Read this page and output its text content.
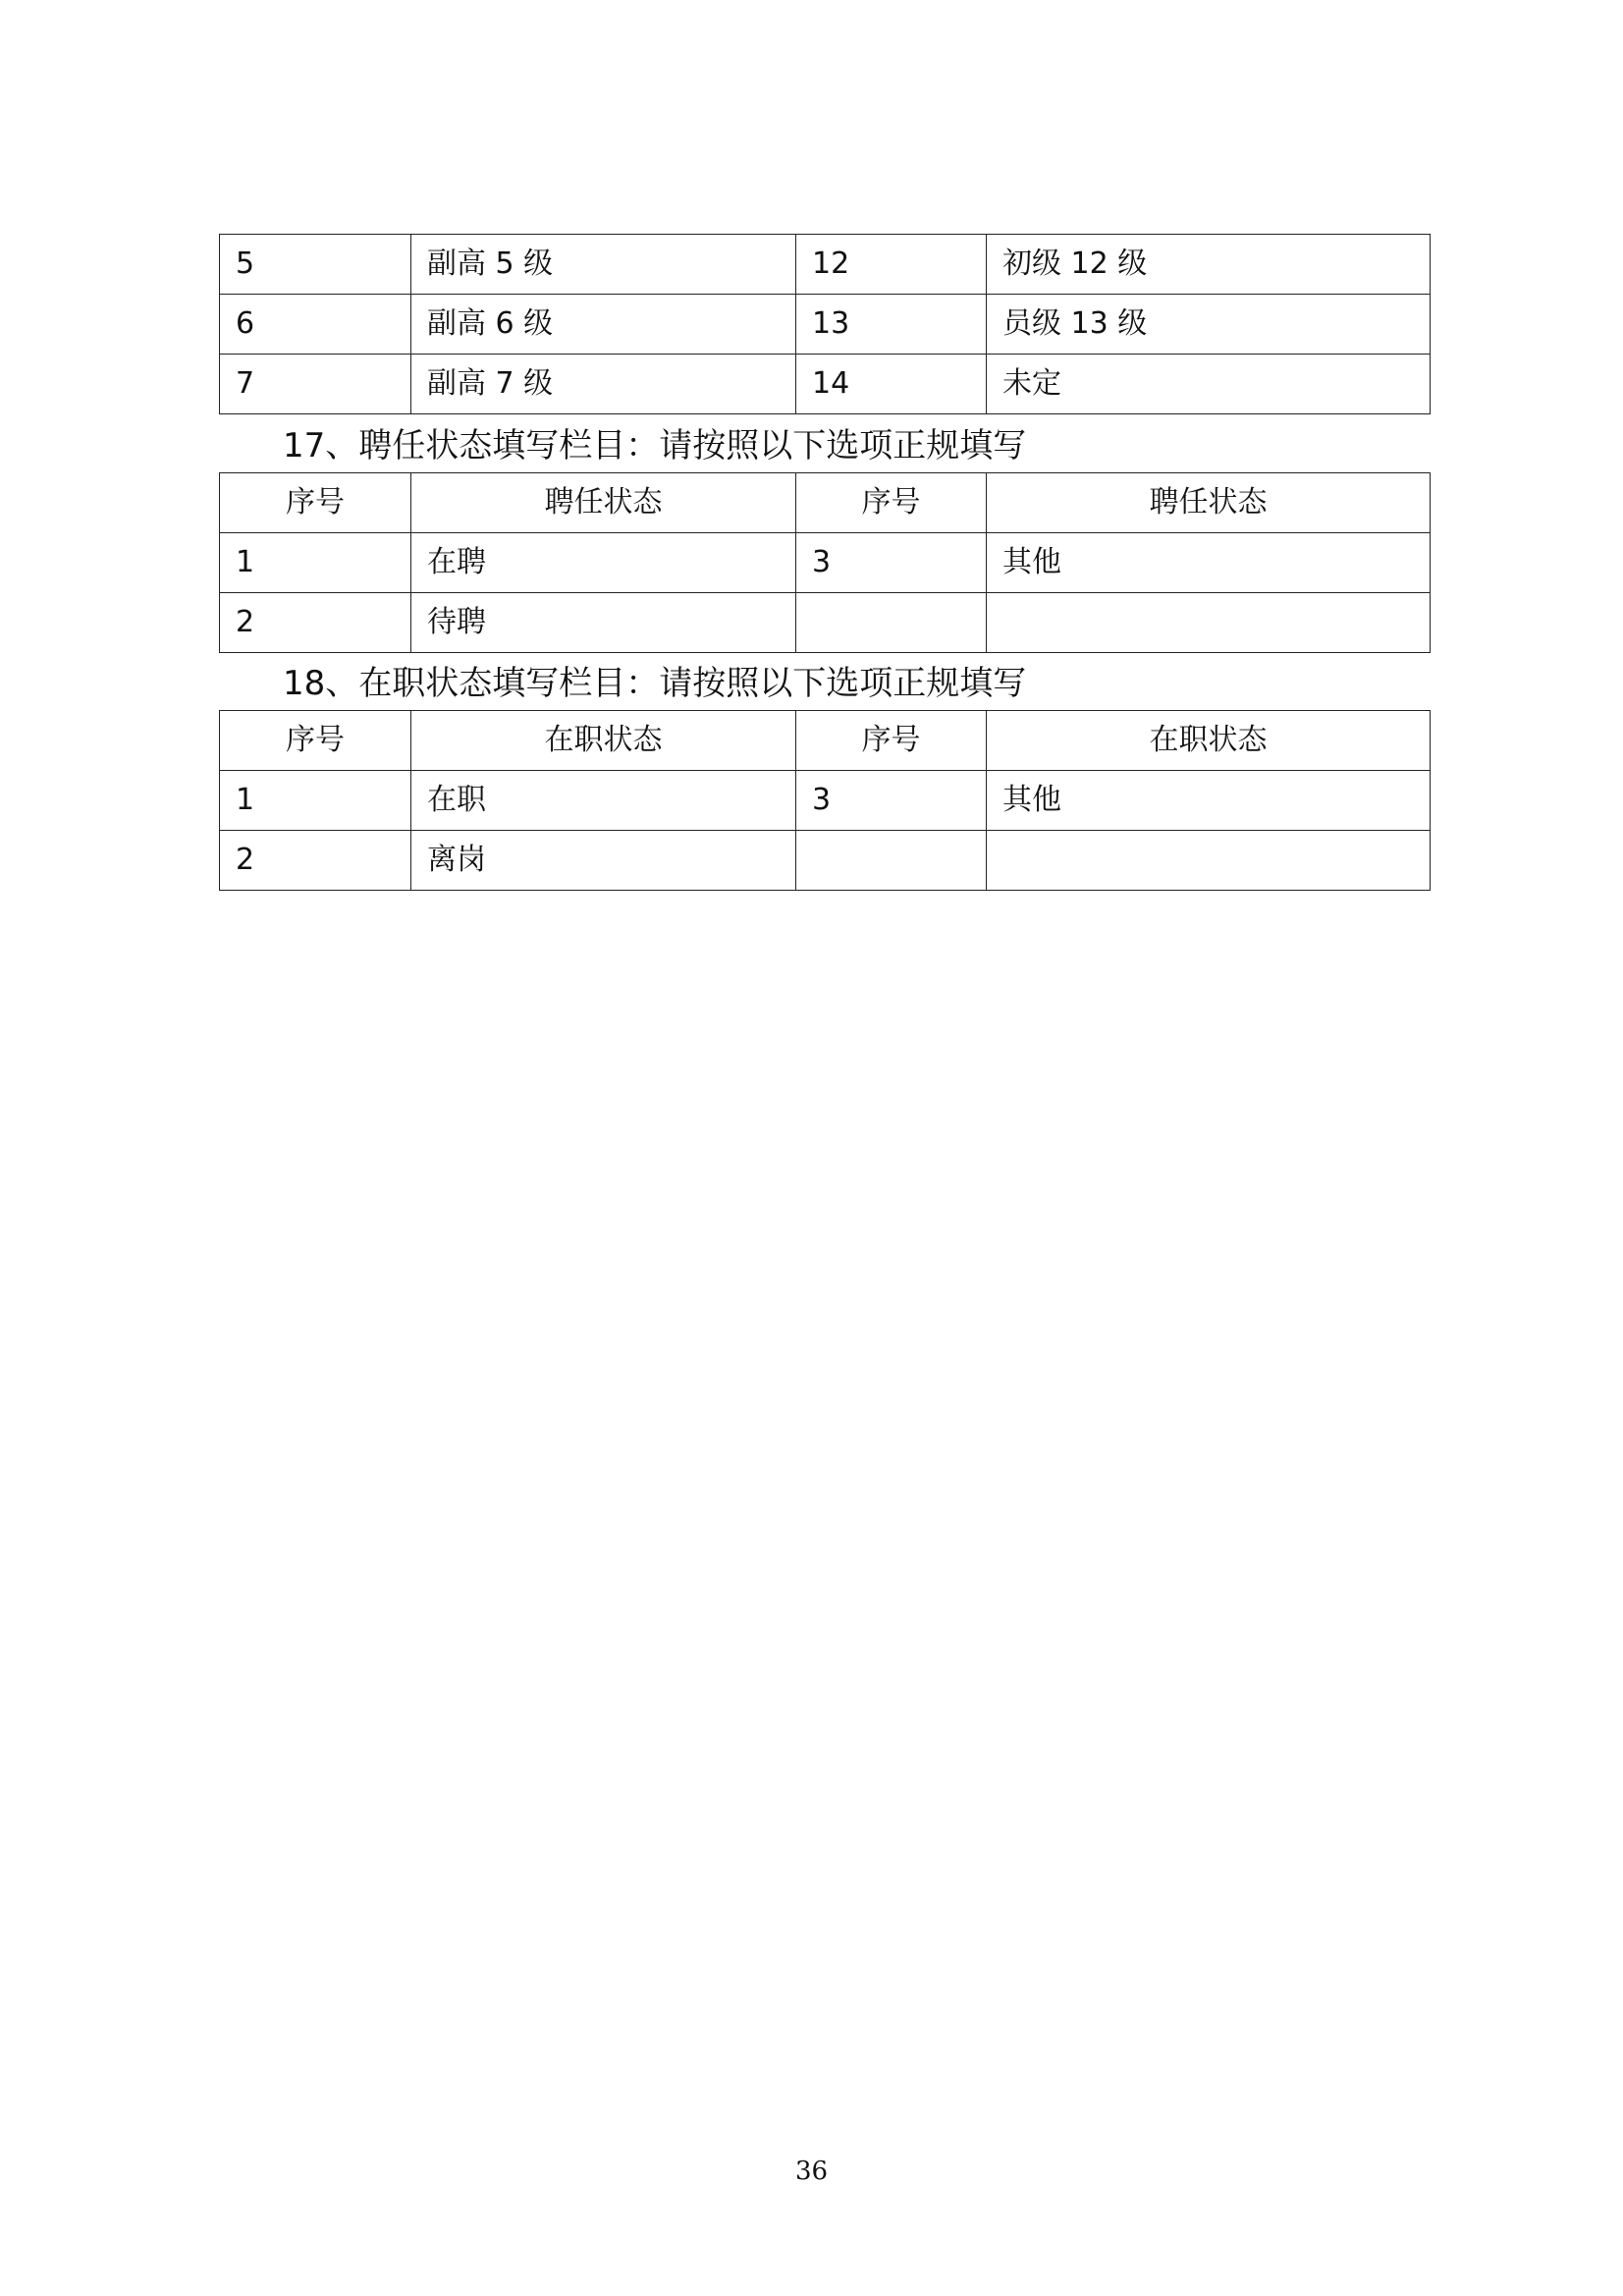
5	副高 5 级	12	初级 12 级
6	副高 6 级	13	员级 13 级
7	副高 7 级	14	未定
17、聘任状态填写栏目：请按照以下选项正规填写
序号	聘任状态	序号	聘任状态
1	在聘	3	其他
2	待聘		
18、在职状态填写栏目：请按照以下选项正规填写
序号	在职状态	序号	在职状态
1	在职	3	其他
2	离岗		
36
